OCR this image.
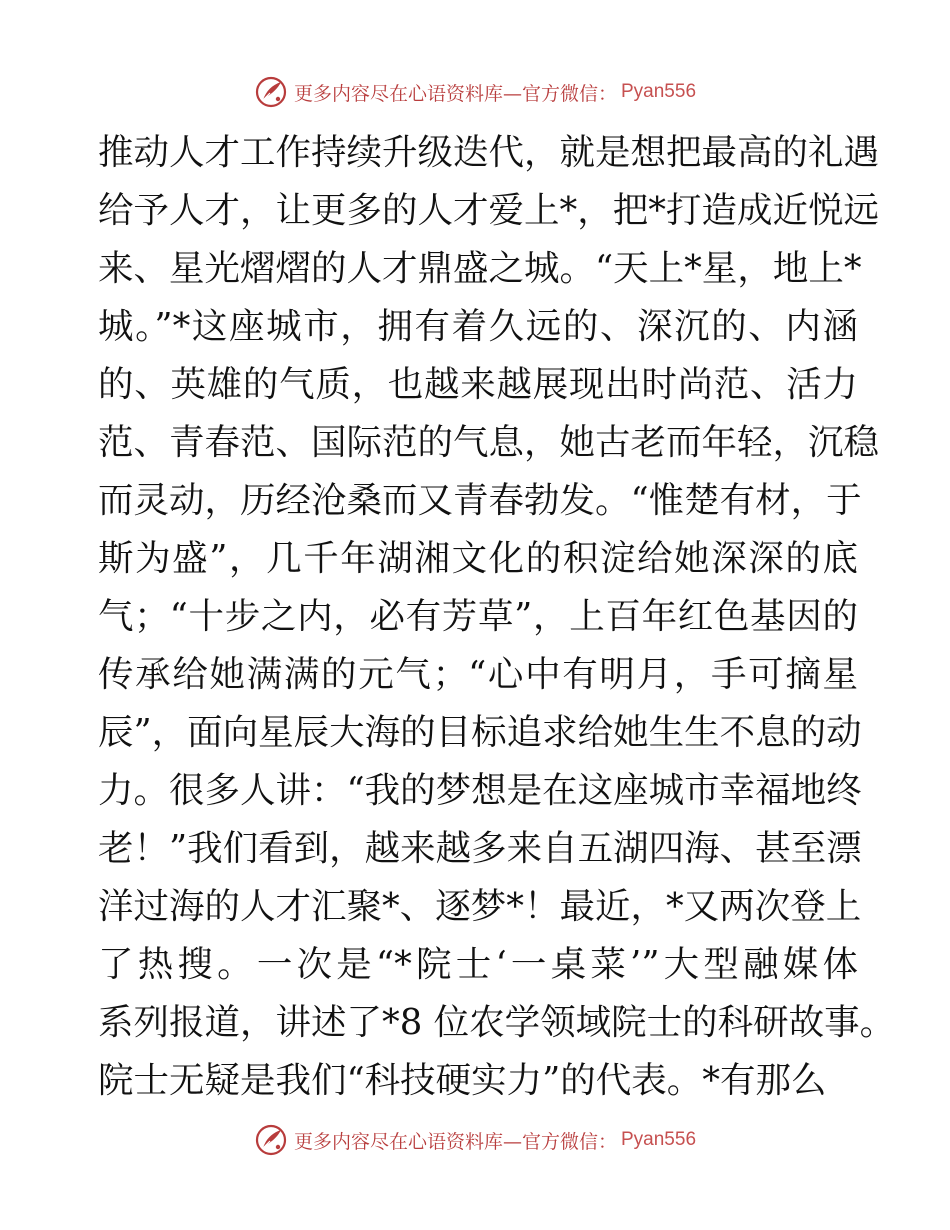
更多内容尽在心语资料库— 官方微信： Pyan556
推动人才工作持续升级迭代，就是想把最高的礼遇
给予人才，让更多的人才爱上*，把*打造成近悦远
来、星光熠熠的人才鼎盛之城。“天上*星，地上*
城。”*这座城市，拥有着久远的、深沉的、内涵
的、英雄的气质，也越来越展现出时尚范、活力
范、青春范、国际范的气息，她古老而年轻，沉稳
而灵动，历经沧桑而又青春勃发。“惟楚有材，于
斯为盛”，几千年湖湘文化的积淀给她深深的底
气；“十步之内，必有芳草”，上百年红色基因的
传承给她满满的元气；“心中有明月，手可摘星
辰”，面向星辰大海的目标追求给她生生不息的动
力。很多人讲：“我的梦想是在这座城市幸福地终
老！”我们看到，越来越多来自五湖四海、甚至漂
洋过海的人才汇聚*、逐梦*！最近，*又两次登上
了热搜。一次是“*院士‘一桌菜’”大型融媒体
系列报道，讲述了*8 位农学领域院士的科研故事。
院士无疑是我们“科技硬实力”的代表。*有那么
更多内容尽在心语资料库— 官方微信： Pyan556
